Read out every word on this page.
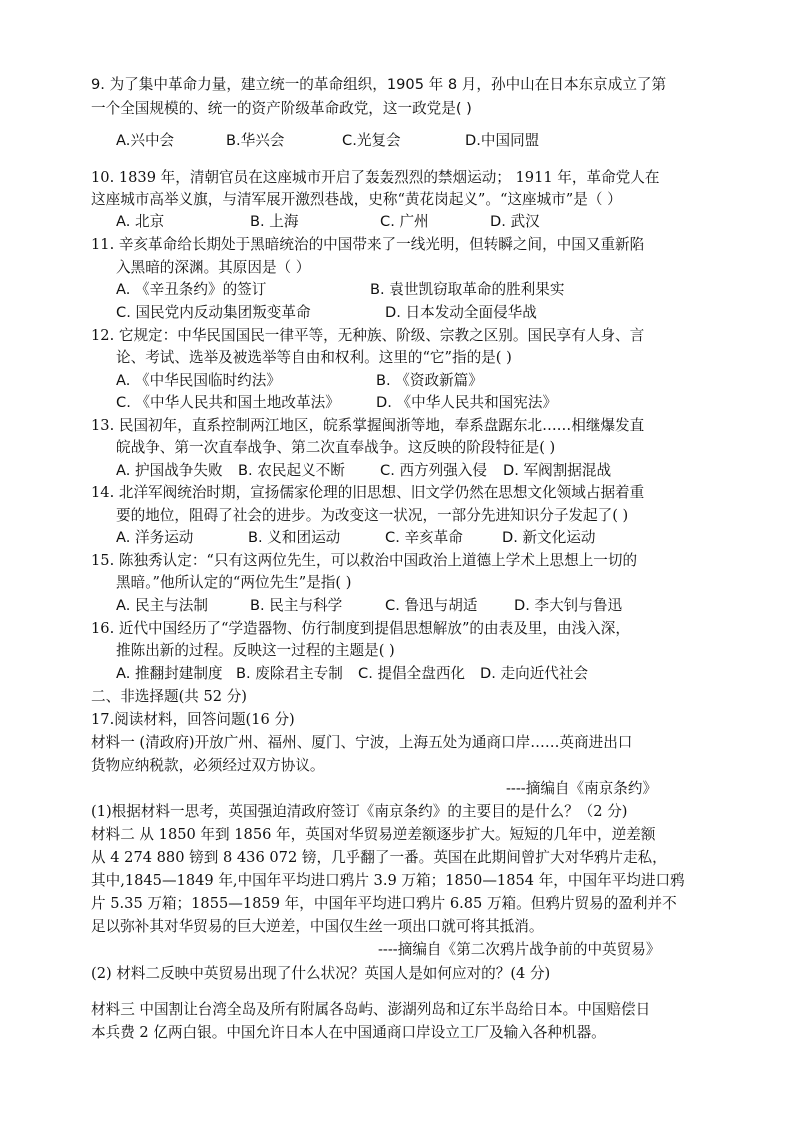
9. 为了集中革命力量，建立统一的革命组织，1905 年 8 月，孙中山在日本东京成立了第
一个全国规模的、统一的资产阶级革命政党，这一政党是( )
A.兴中会	B.华兴会	C.光复会	D.中国同盟
10. 1839 年，清朝官员在这座城市开启了轰轰烈烈的禁烟运动； 1911 年，革命党人在
这座城市高举义旗，与清军展开激烈巷战，史称“黄花岗起义”。“这座城市”是（ ）
A. 北京	B. 上海	C. 广州	D. 武汉
11. 辛亥革命给长期处于黑暗统治的中国带来了一线光明，但转瞬之间，中国又重新陷
入黑暗的深渊。其原因是（ ）
A. 《辛丑条约》的签订	B. 袁世凯窃取革命的胜利果实
C. 国民党内反动集团叛变革命	D. 日本发动全面侵华战
12. 它规定：中华民国国民一律平等，无种族、阶级、宗教之区别。国民享有人身、言
论、考试、选举及被选举等自由和权利。这里的“它”指的是( )
A. 《中华民国临时约法》	B. 《资政新篇》
C. 《中华人民共和国土地改革法》 D. 《中华人民共和国宪法》
13. 民国初年，直系控制两江地区，皖系掌握闽浙等地，奉系盘踞东北……相继爆发直
皖战争、第一次直奉战争、第二次直奉战争。这反映的阶段特征是( )
A. 护国战争失败 B. 农民起义不断 C. 西方列强入侵 D. 军阀割据混战
14. 北洋军阀统治时期，宣扬儒家伦理的旧思想、旧文学仍然在思想文化领域占据着重
要的地位，阻碍了社会的进步。为改变这一状况，一部分先进知识分子发起了( )
A. 洋务运动	B. 义和团运动	C. 辛亥革命	D. 新文化运动
15. 陈独秀认定：“只有这两位先生，可以救治中国政治上道德上学术上思想上一切的
黑暗。”他所认定的“两位先生”是指( )
A. 民主与法制	B. 民主与科学	C. 鲁迅与胡适	D. 李大钊与鲁迅
16. 近代中国经历了“学造器物、仿行制度到提倡思想解放”的由表及里，由浅入深，
推陈出新的过程。反映这一过程的主题是( )
A. 推翻封建制度 B. 废除君主专制 C. 提倡全盘西化 D. 走向近代社会
二、非选择题(共 52 分)
17.阅读材料，回答问题(16 分)
材料一 (清政府)开放广州、福州、厦门、宁波，上海五处为通商口岸……英商进出口
货物应纳税款，必须经过双方协议。
----摘编自《南京条约》
(1)根据材料一思考，英国强迫清政府签订《南京条约》的主要目的是什么？（2 分)
材料二 从 1850 年到 1856 年，英国对华贸易逆差额逐步扩大。短短的几年中，逆差额
从 4 274 880 镑到 8 436 072 镑，几乎翻了一番。英国在此期间曾扩大对华鸦片走私，
其中,1845—1849 年,中国年平均进口鸦片 3.9 万箱；1850—1854 年，中国年平均进口鸦
片 5.35 万箱；1855—1859 年，中国年平均进口鸦片 6.85 万箱。但鸦片贸易的盈利并不
足以弥补其对华贸易的巨大逆差，中国仅生丝一项出口就可将其抵消。
----摘编自《第二次鸦片战争前的中英贸易》
(2) 材料二反映中英贸易出现了什么状况？英国人是如何应对的？(4 分)
材料三 中国割让台湾全岛及所有附属各岛屿、澎湖列岛和辽东半岛给日本。中国赔偿日
本兵费 2 亿两白银。中国允许日本人在中国通商口岸设立工厂及输入各种机器。
